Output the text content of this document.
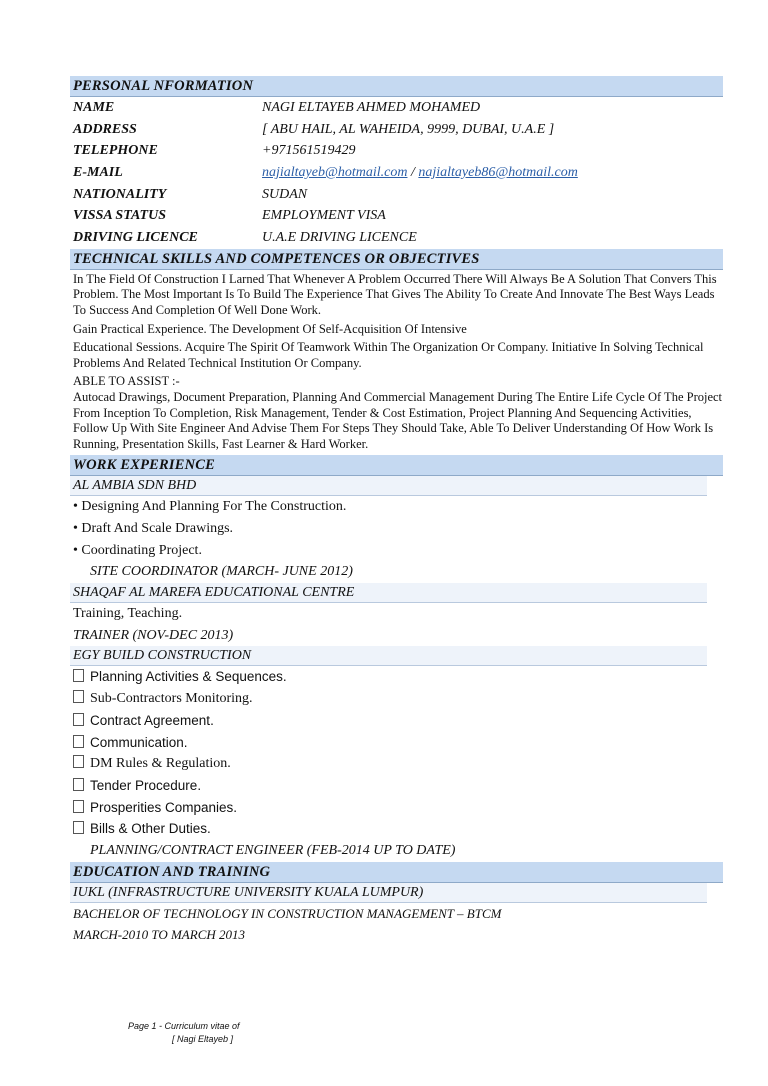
PERSONAL NFORMATION
NAME	NAGI ELTAYEB AHMED MOHAMED
ADDRESS	[ ABU HAIL, AL WAHEIDA, 9999, DUBAI, U.A.E ]
TELEPHONE	+971561519429
E-MAIL	najialtayeb@hotmail.com / najialtayeb86@hotmail.com
NATIONALITY	SUDAN
VISSA STATUS	EMPLOYMENT VISA
DRIVING LICENCE	U.A.E DRIVING LICENCE
TECHNICAL SKILLS AND COMPETENCES OR OBJECTIVES
In The Field Of Construction I Larned That Whenever A Problem Occurred There Will Always Be A Solution That Convers This Problem. The Most Important Is To Build The Experience That Gives The Ability To Create And Innovate The Best Ways Leads To Success And Completion Of Well Done Work.
Gain Practical Experience. The Development Of Self-Acquisition Of Intensive
Educational Sessions. Acquire The Spirit Of Teamwork Within The Organization Or Company. Initiative In Solving Technical Problems And Related Technical Institution Or Company.
ABLE TO ASSIST :-
Autocad Drawings, Document Preparation, Planning And Commercial Management During The Entire Life Cycle Of The Project From Inception To Completion, Risk Management, Tender & Cost Estimation, Project Planning And Sequencing Activities, Follow Up With Site Engineer And Advise Them For Steps They Should Take, Able To Deliver Understanding Of How Work Is Running, Presentation Skills, Fast Learner & Hard Worker.
WORK EXPERIENCE
AL AMBIA SDN BHD
• Designing And Planning For The Construction.
• Draft And Scale Drawings.
• Coordinating Project.
SITE COORDINATOR (MARCH- JUNE 2012)
SHAQAF AL MAREFA EDUCATIONAL CENTRE
Training, Teaching.
TRAINER (NOV-DEC 2013)
EGY BUILD CONSTRUCTION
Planning Activities & Sequences.
Sub-Contractors Monitoring.
Contract Agreement.
Communication.
DM Rules & Regulation.
Tender Procedure.
Prosperities Companies.
Bills & Other Duties.
PLANNING/CONTRACT ENGINEER (FEB-2014 UP TO DATE)
EDUCATION AND TRAINING
IUKL (INFRASTRUCTURE UNIVERSITY KUALA LUMPUR)
BACHELOR OF TECHNOLOGY IN CONSTRUCTION MANAGEMENT – BTCM
MARCH-2010 TO MARCH 2013
Page 1 - Curriculum vitae of
[ Nagi Eltayeb ]
